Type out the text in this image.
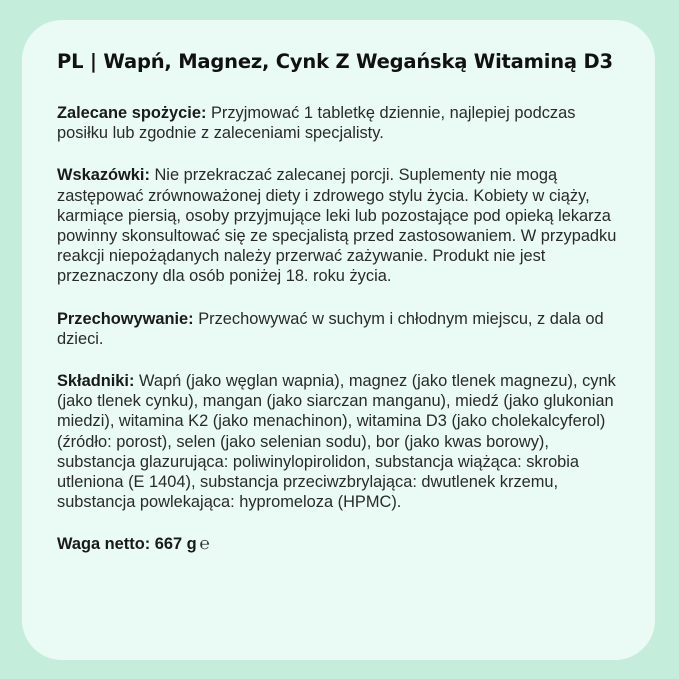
PL | Wapń, Magnez, Cynk Z Wegańską Witaminą D3
Zalecane spożycie: Przyjmować 1 tabletkę dziennie, najlepiej podczas posiłku lub zgodnie z zaleceniami specjalisty.
Wskazówki: Nie przekraczać zalecanej porcji. Suplementy nie mogą zastępować zrównoważonej diety i zdrowego stylu życia. Kobiety w ciąży, karmiące piersią, osoby przyjmujące leki lub pozostające pod opieką lekarza powinny skonsultować się ze specjalistą przed zastosowaniem. W przypadku reakcji niepożądanych należy przerwać zażywanie. Produkt nie jest przeznaczony dla osób poniżej 18. roku życia.
Przechowywanie: Przechowywać w suchym i chłodnym miejscu, z dala od dzieci.
Składniki: Wapń (jako węglan wapnia), magnez (jako tlenek magnezu), cynk (jako tlenek cynku), mangan (jako siarczan manganu), miedź (jako glukonian miedzi), witamina K2 (jako menachinon), witamina D3 (jako cholekalcyferol) (źródło: porost), selen (jako selenian sodu), bor (jako kwas borowy), substancja glazurująca: poliwinylopirolidon, substancja wiążąca: skrobia utleniona (E 1404), substancja przeciwzbrylająca: dwutlenek krzemu, substancja powlekająca: hypromeloza (HPMC).
Waga netto: 667 g ℮
